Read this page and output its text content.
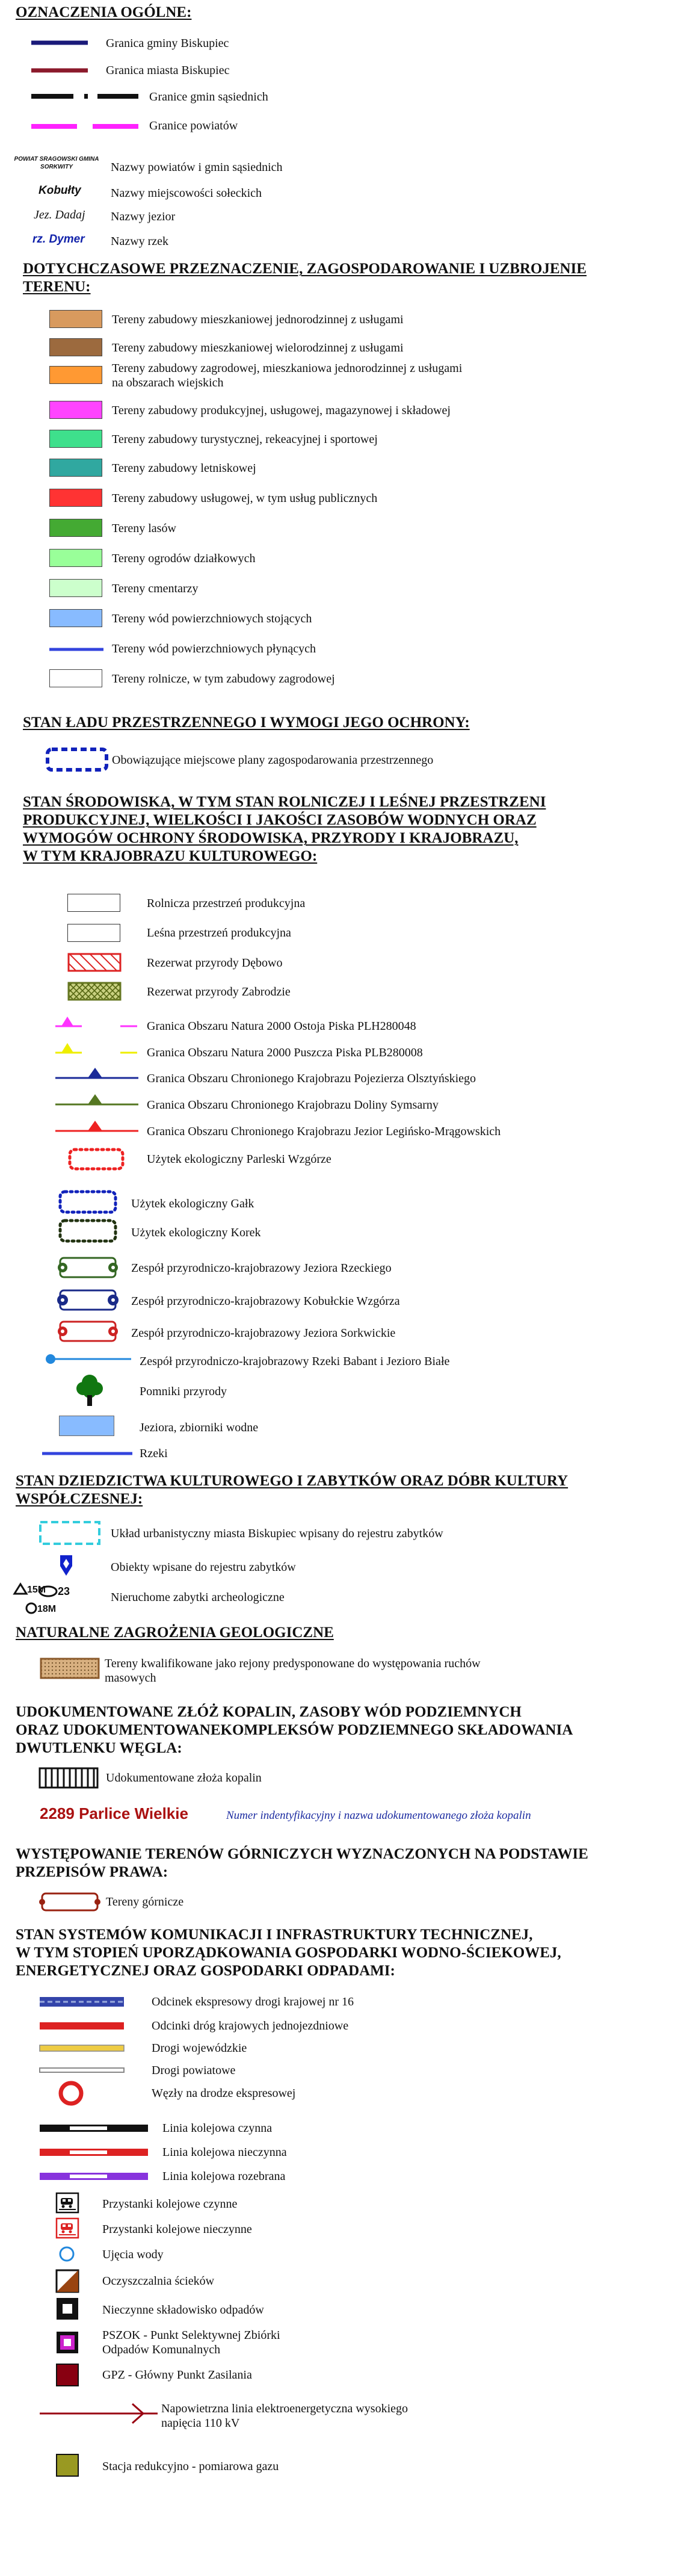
OZNACZENIA OGÓLNE:
Granica gminy Biskupiec
Granica miasta Biskupiec
Granice gmin sąsiednich
Granice powiatów
POWIAT SRAGOWSKI GMINA SORKWITY	Nazwy powiatów i gmin sąsiednich
Kobułty Nazwy miejscowości sołeckich
Jez. Dadaj Nazwy jezior
rz. Dymer Nazwy rzek
DOTYCHCZASOWE PRZEZNACZENIE, ZAGOSPODAROWANIE I UZBROJENIE
TERENU:
Tereny zabudowy mieszkaniowej jednorodzinnej z usługami
Tereny zabudowy mieszkaniowej wielorodzinnej z usługami
Tereny zabudowy zagrodowej, mieszkaniowa jednorodzinnej z usługami
na obszarach wiejskich
Tereny zabudowy produkcyjnej, usługowej, magazynowej i składowej
Tereny zabudowy turystycznej, rekeacyjnej i sportowej
Tereny zabudowy letniskowej
Tereny zabudowy usługowej, w tym usług publicznych
Tereny lasów
Tereny ogrodów działkowych
Tereny cmentarzy
Tereny wód powierzchniowych stojących
Tereny wód powierzchniowych płynących
Tereny rolnicze, w tym zabudowy zagrodowej
STAN ŁADU PRZESTRZENNEGO I WYMOGI JEGO OCHRONY:
Obowiązujące miejscowe plany zagospodarowania przestrzennego
STAN ŚRODOWISKA, W TYM STAN ROLNICZEJ I LEŚNEJ PRZESTRZENI
PRODUKCYJNEJ, WIELKOŚCI I JAKOŚCI ZASOBÓW WODNYCH ORAZ
WYMOGÓW OCHRONY ŚRODOWISKA, PRZYRODY I KRAJOBRAZU,
W TYM KRAJOBRAZU KULTUROWEGO:
Rolnicza przestrzeń produkcyjna
Leśna przestrzeń produkcyjna
Rezerwat przyrody Dębowo
Rezerwat przyrody Zabrodzie
Granica Obszaru Natura 2000 Ostoja Piska PLH280048
Granica Obszaru Natura 2000 Puszcza Piska PLB280008
Granica Obszaru Chronionego Krajobrazu Pojezierza Olsztyńskiego
Granica Obszaru Chronionego Krajobrazu Doliny Symsarny
Granica Obszaru Chronionego Krajobrazu Jezior Legińsko-Mrągowskich
Użytek ekologiczny Parleski Wzgórze
Użytek ekologiczny Gałk
Użytek ekologiczny Korek
Zespół przyrodniczo-krajobrazowy Jeziora Rzeckiego
Zespół przyrodniczo-krajobrazowy Kobułckie Wzgórza
Zespół przyrodniczo-krajobrazowy Jeziora Sorkwickie
Zespół przyrodniczo-krajobrazowy Rzeki Babant i Jezioro Białe
Pomniki przyrody
Jeziora, zbiorniki wodne
Rzeki
STAN DZIEDZICTWA KULTUROWEGO I ZABYTKÓW ORAZ DÓBR KULTURY
WSPÓŁCZESNEJ:
Układ urbanistyczny miasta Biskupiec wpisany do rejestru zabytków
Obiekty wpisane do rejestru zabytków
15M 23
18M
Nieruchome zabytki archeologiczne
NATURALNE ZAGROŻENIA GEOLOGICZNE
Tereny kwalifikowane jako rejony predysponowane do występowania ruchów
masowych
UDOKUMENTOWANE ZŁÓŻ KOPALIN, ZASOBY WÓD PODZIEMNYCH
ORAZ UDOKUMENTOWANEKOMPLEKSÓW PODZIEMNEGO SKŁADOWANIA
DWUTLENKU WĘGLA:
Udokumentowane złoża kopalin
2289 Parlice Wielkie	Numer indentyfikacyjny i nazwa udokumentowanego złoża kopalin
WYSTĘPOWANIE TERENÓW GÓRNICZYCH WYZNACZONYCH NA PODSTAWIE
PRZEPISÓW PRAWA:
Tereny górnicze
STAN SYSTEMÓW KOMUNIKACJI I INFRASTRUKTURY TECHNICZNEJ,
W TYM STOPIEŃ UPORZĄDKOWANIA GOSPODARKI WODNO-ŚCIEKOWEJ,
ENERGETYCZNEJ ORAZ GOSPODARKI ODPADAMI:
Odcinek ekspresowy drogi krajowej nr 16
Odcinki dróg krajowych jednojezdniowe
Drogi wojewódzkie
Drogi powiatowe
Węzły na drodze ekspresowej
Linia kolejowa czynna
Linia kolejowa nieczynna
Linia kolejowa rozebrana
Przystanki kolejowe czynne
Przystanki kolejowe nieczynne
Ujęcia wody
Oczyszczalnia ścieków
Nieczynne składowisko odpadów
PSZOK - Punkt Selektywnej Zbiórki
Odpadów Komunalnych
GPZ - Główny Punkt Zasilania
Napowietrzna linia elektroenergetyczna wysokiego
napięcia 110 kV
Stacja redukcyjno - pomiarowa gazu
